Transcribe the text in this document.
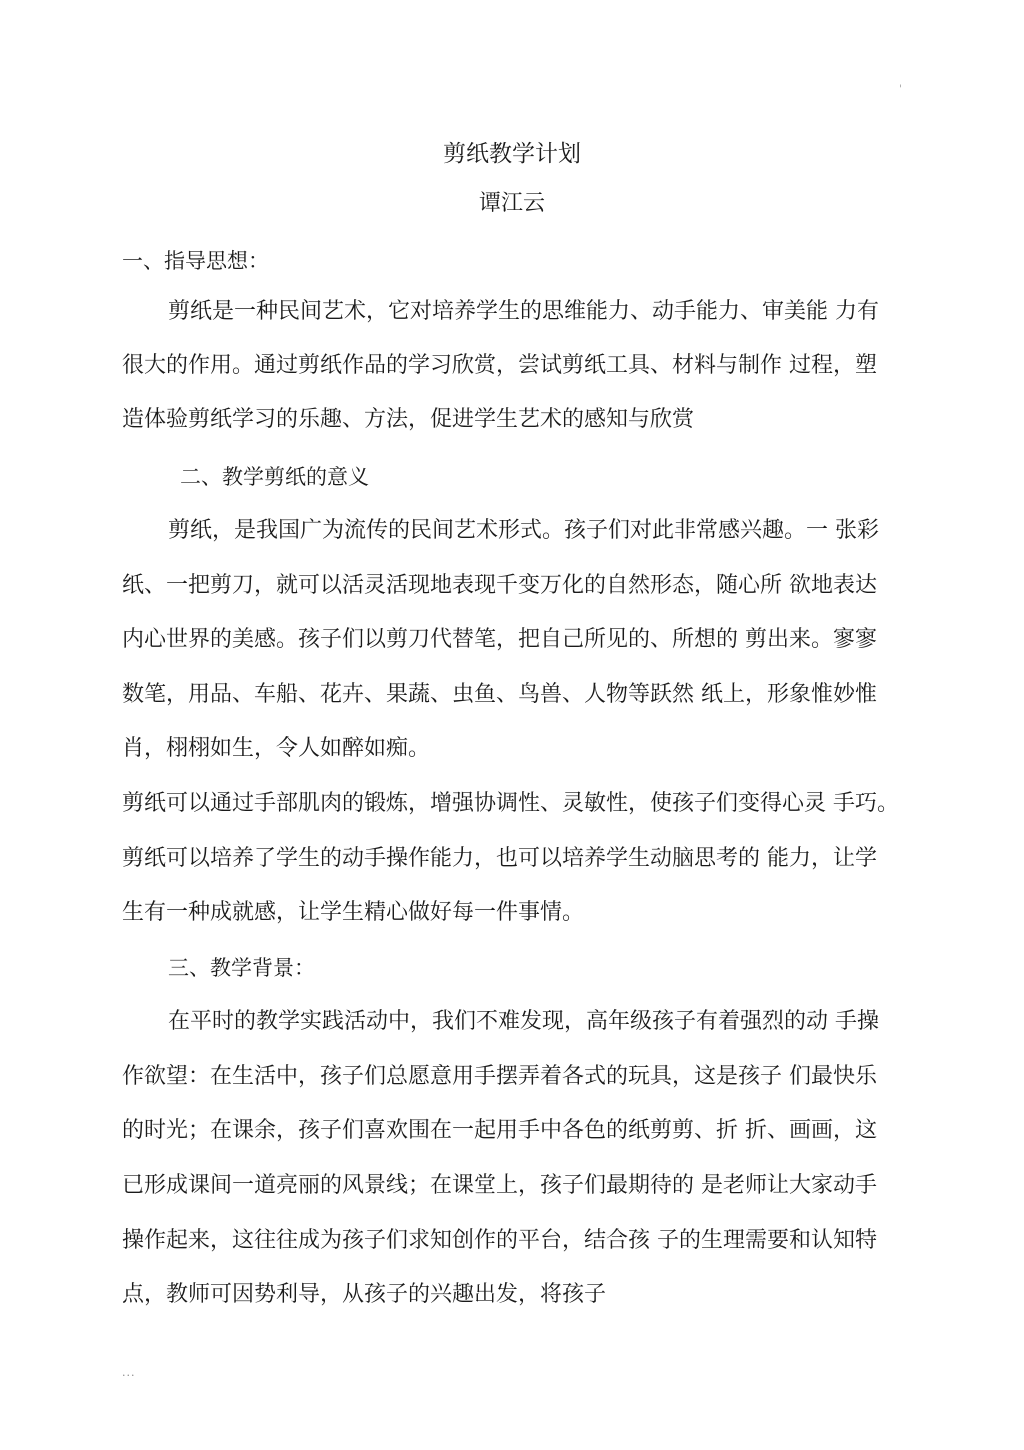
'
剪纸教学计划
谭江云
一、指导思想：
剪纸是一种民间艺术，它对培养学生的思维能力、动手能力、审美能 力有
很大的作用。通过剪纸作品的学习欣赏，尝试剪纸工具、材料与制作 过程，塑
造体验剪纸学习的乐趣、方法，促进学生艺术的感知与欣赏
二、教学剪纸的意义
剪纸，是我国广为流传的民间艺术形式。孩子们对此非常感兴趣。一 张彩
纸、一把剪刀，就可以活灵活现地表现千变万化的自然形态，随心所 欲地表达
内心世界的美感。孩子们以剪刀代替笔，把自己所见的、所想的 剪出来。寥寥
数笔，用品、车船、花卉、果蔬、虫鱼、鸟兽、人物等跃然 纸上，形象惟妙惟
肖，栩栩如生，令人如醉如痴。
剪纸可以通过手部肌肉的锻炼，增强协调性、灵敏性，使孩子们变得心灵 手巧。
剪纸可以培养了学生的动手操作能力，也可以培养学生动脑思考的 能力，让学
生有一种成就感，让学生精心做好每一件事情。
三、教学背景：
在平时的教学实践活动中，我们不难发现，高年级孩子有着强烈的动 手操
作欲望：在生活中，孩子们总愿意用手摆弄着各式的玩具，这是孩子 们最快乐
的时光；在课余，孩子们喜欢围在一起用手中各色的纸剪剪、折 折、画画，这
已形成课间一道亮丽的风景线；在课堂上，孩子们最期待的 是老师让大家动手
操作起来，这往往成为孩子们求知创作的平台，结合孩 子的生理需要和认知特
点，教师可因势利导，从孩子的兴趣出发，将孩子
...
